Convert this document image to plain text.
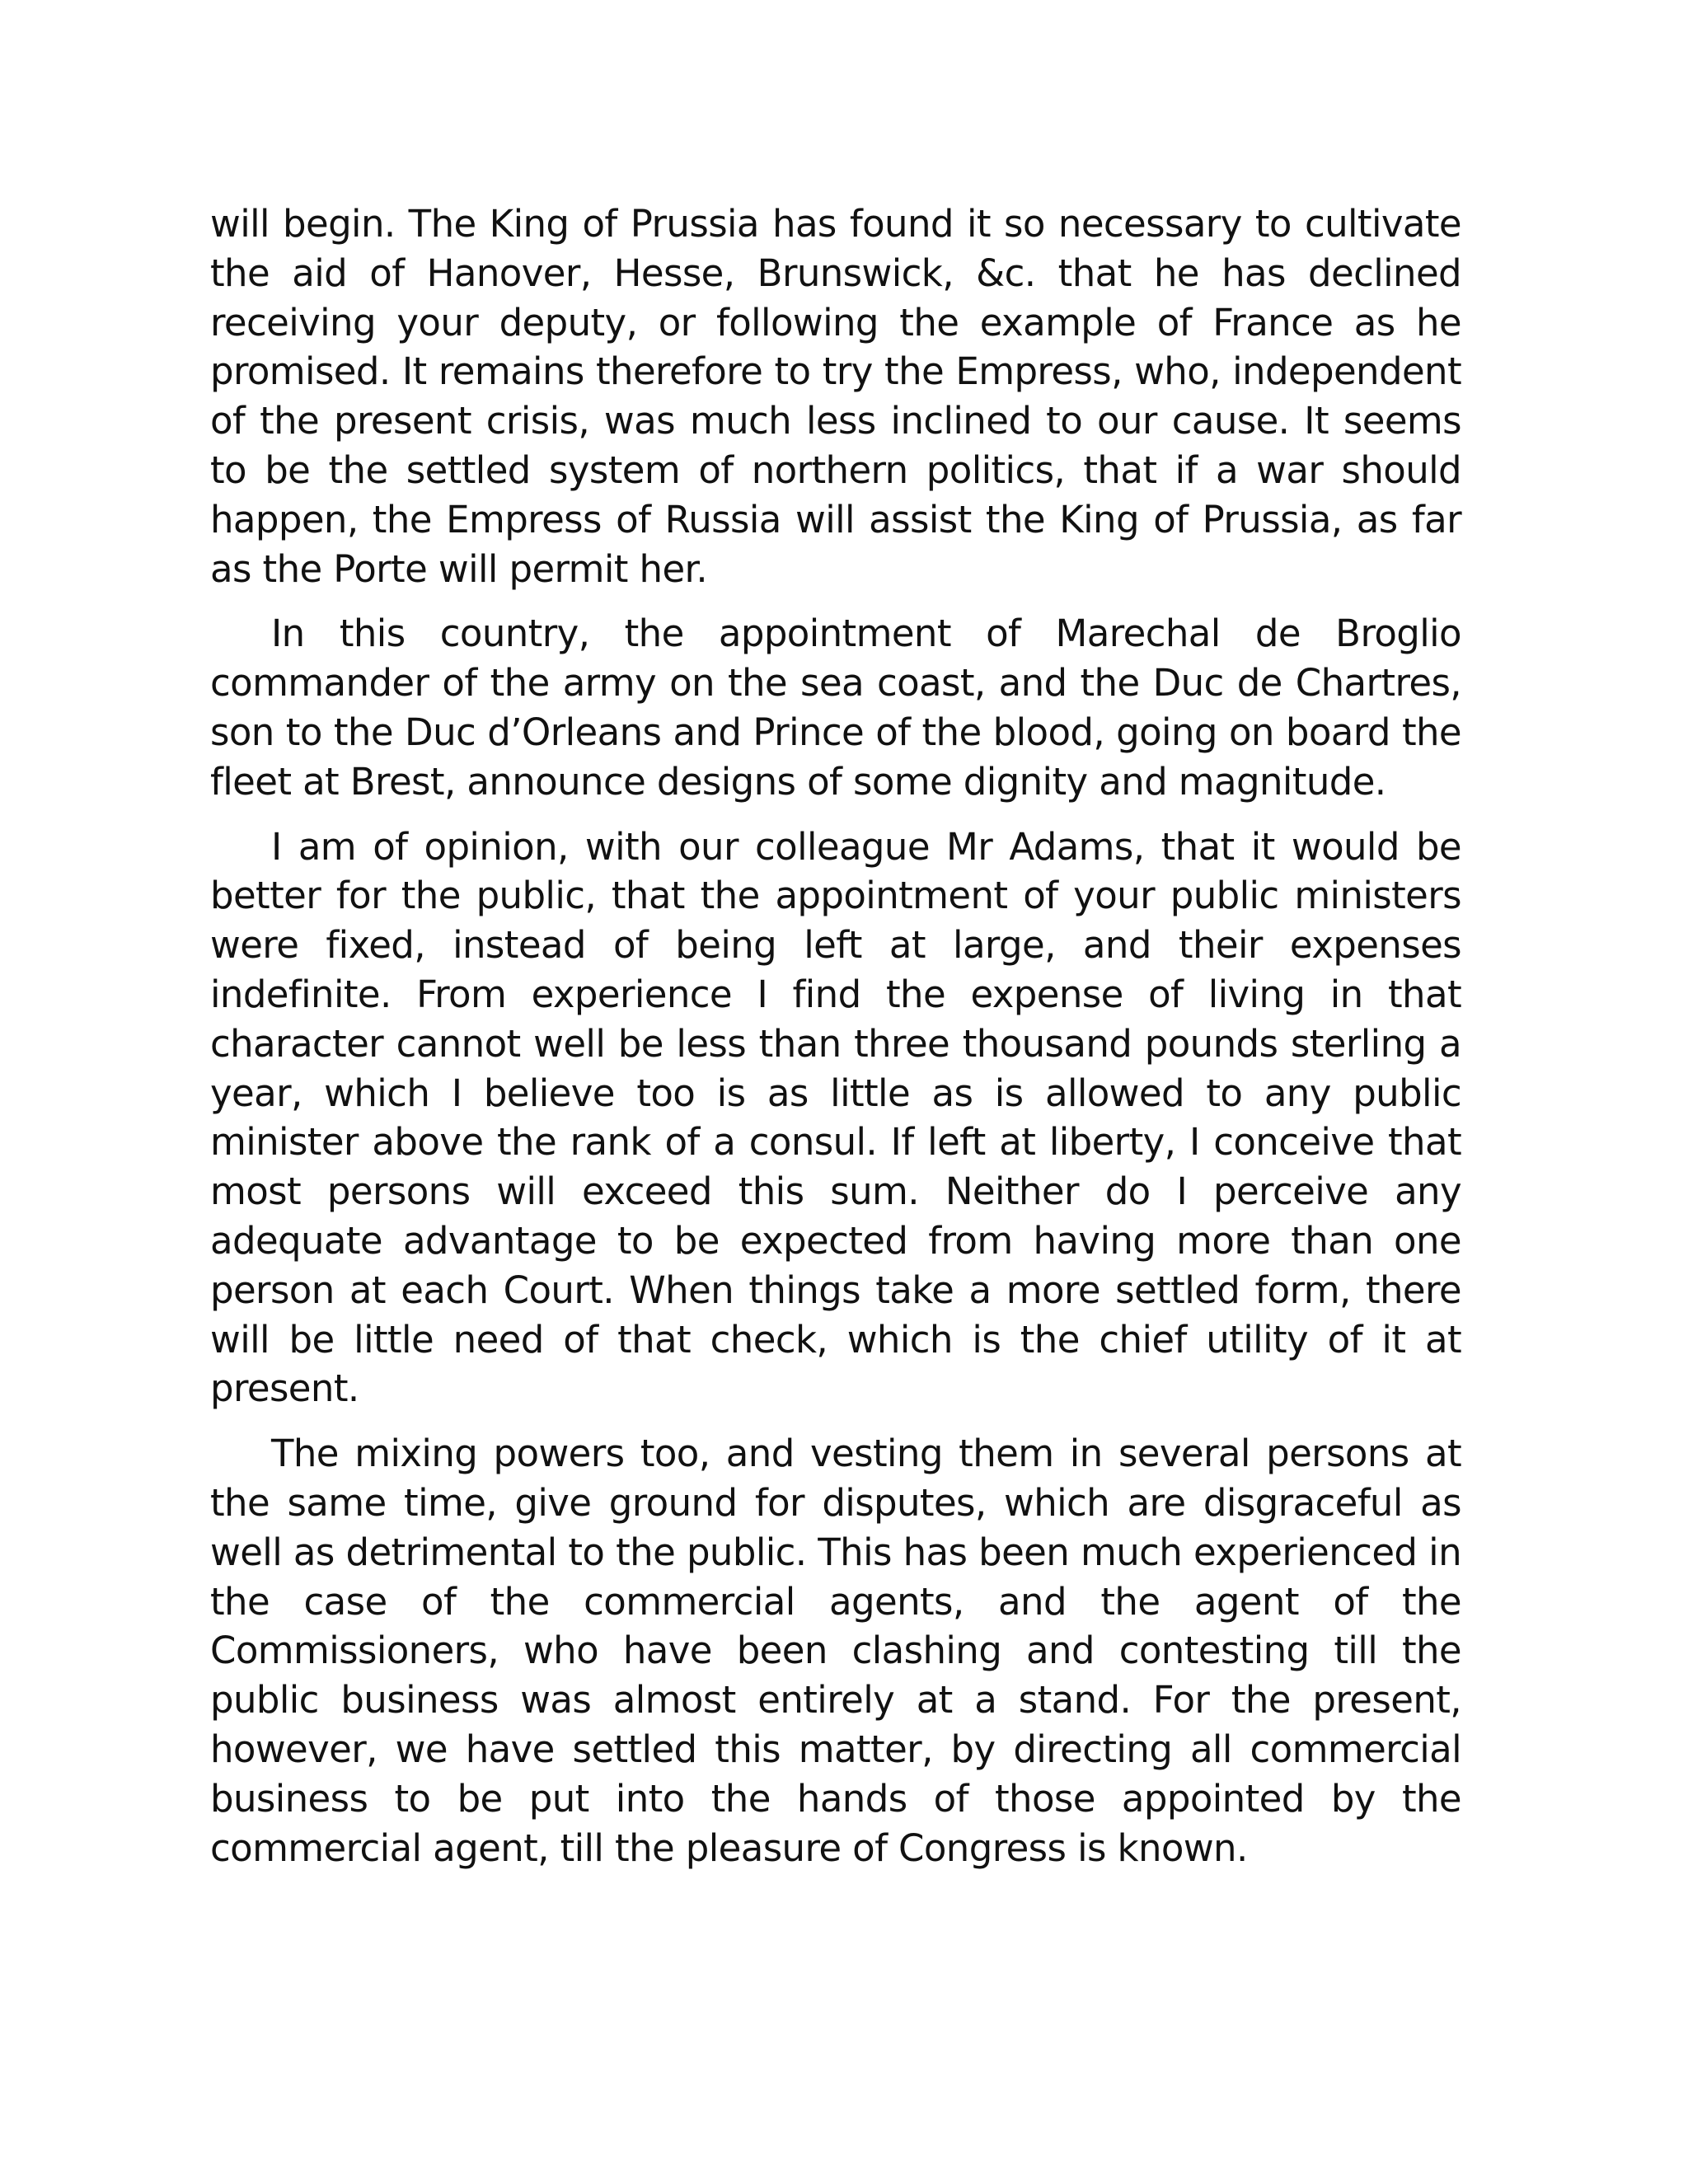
will begin. The King of Prussia has found it so necessary to cultivate the aid of Hanover, Hesse, Brunswick, &c. that he has declined receiving your deputy, or following the example of France as he promised. It remains therefore to try the Empress, who, independent of the present crisis, was much less inclined to our cause. It seems to be the settled system of northern politics, that if a war should happen, the Empress of Russia will assist the King of Prussia, as far as the Porte will permit her.

In this country, the appointment of Marechal de Broglio commander of the army on the sea coast, and the Duc de Chartres, son to the Duc d’Orleans and Prince of the blood, going on board the fleet at Brest, announce designs of some dignity and magnitude.

I am of opinion, with our colleague Mr Adams, that it would be better for the public, that the appointment of your public ministers were fixed, instead of being left at large, and their expenses indefinite. From experience I find the expense of living in that character cannot well be less than three thousand pounds sterling a year, which I believe too is as little as is allowed to any public minister above the rank of a consul. If left at liberty, I conceive that most persons will exceed this sum. Neither do I perceive any adequate advantage to be expected from having more than one person at each Court. When things take a more settled form, there will be little need of that check, which is the chief utility of it at present.

The mixing powers too, and vesting them in several persons at the same time, give ground for disputes, which are disgraceful as well as detrimental to the public. This has been much experienced in the case of the commercial agents, and the agent of the Commissioners, who have been clashing and contesting till the public business was almost entirely at a stand. For the present, however, we have settled this matter, by directing all commercial business to be put into the hands of those appointed by the commercial agent, till the pleasure of Congress is known.
